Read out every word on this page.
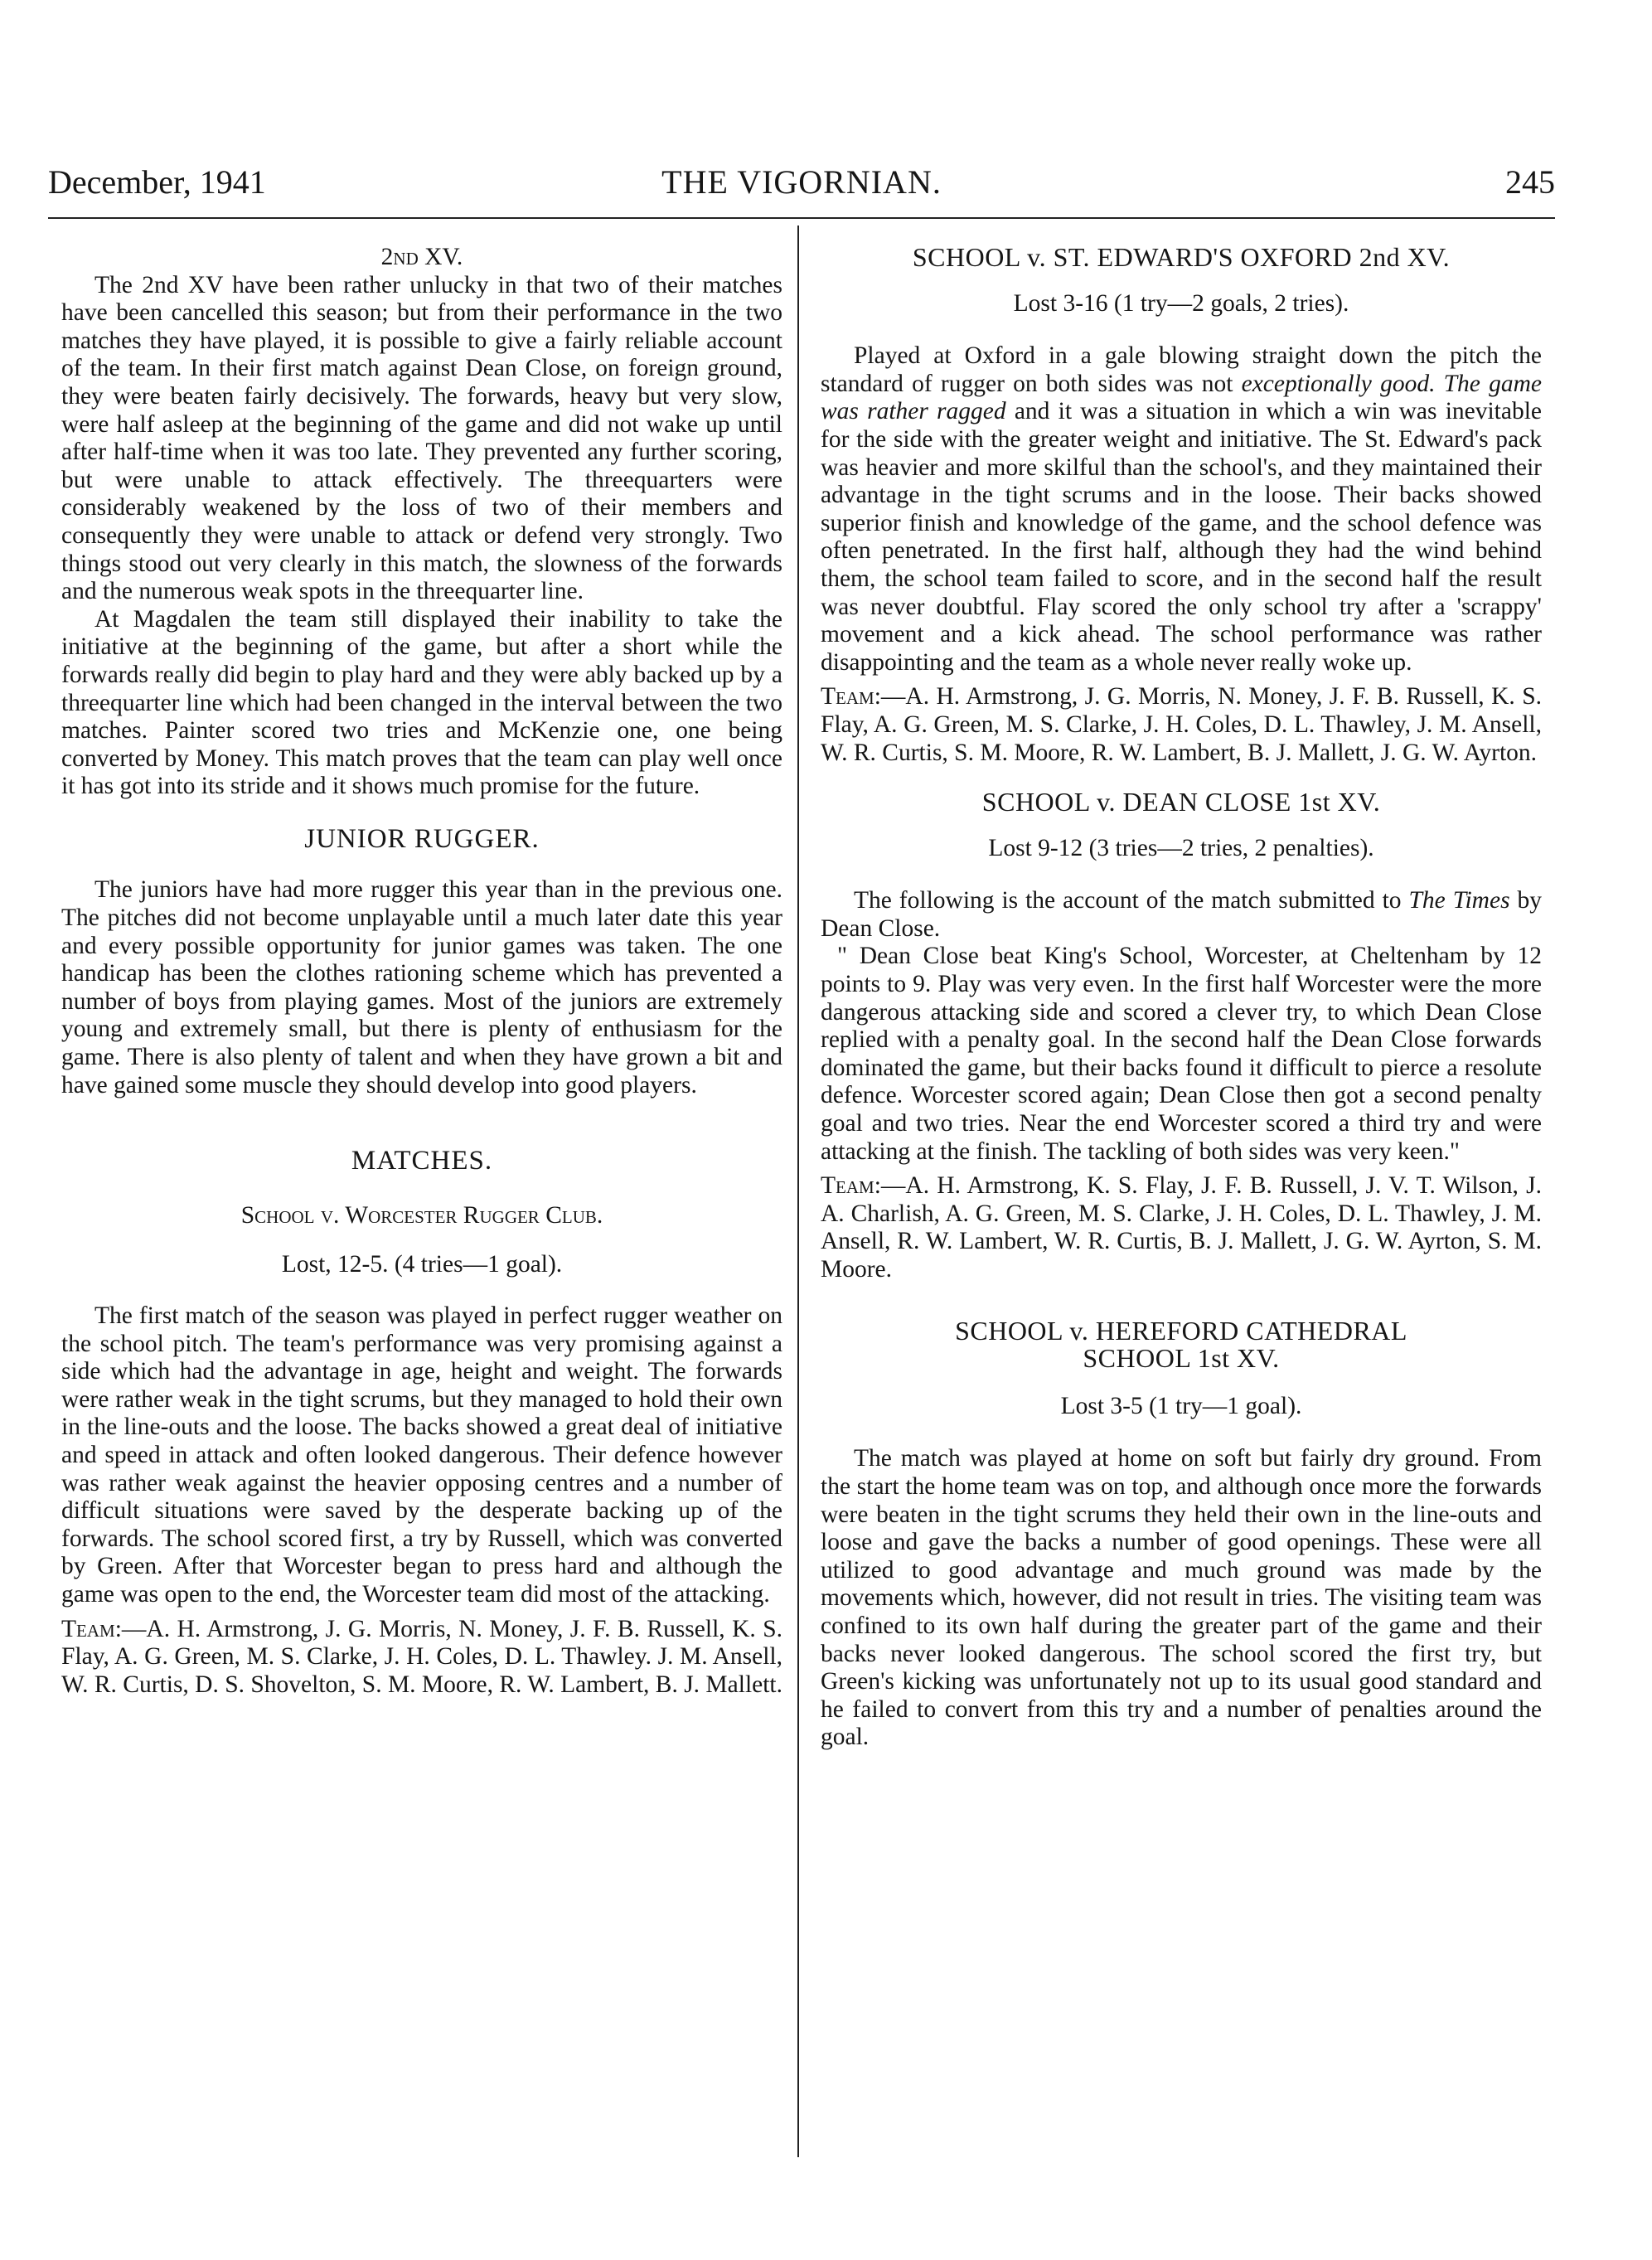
December, 1941	THE VIGORNIAN.	245
2nd XV.

The 2nd XV have been rather unlucky in that two of their matches have been cancelled this season; but from their performance in the two matches they have played, it is possible to give a fairly reliable account of the team. In their first match against Dean Close, on foreign ground, they were beaten fairly decisively. The forwards, heavy but very slow, were half asleep at the beginning of the game and did not wake up until after half-time when it was too late. They prevented any further scoring, but were unable to attack effectively. The threequarters were considerably weakened by the loss of two of their members and consequently they were unable to attack or defend very strongly. Two things stood out very clearly in this match, the slowness of the forwards and the numerous weak spots in the threequarter line.

At Magdalen the team still displayed their inability to take the initiative at the beginning of the game, but after a short while the forwards really did begin to play hard and they were ably backed up by a threequarter line which had been changed in the interval between the two matches. Painter scored two tries and McKenzie one, one being converted by Money. This match proves that the team can play well once it has got into its stride and it shows much promise for the future.

JUNIOR RUGGER.

The juniors have had more rugger this year than in the previous one. The pitches did not become unplayable until a much later date this year and every possible opportunity for junior games was taken. The one handicap has been the clothes rationing scheme which has prevented a number of boys from playing games. Most of the juniors are extremely young and extremely small, but there is plenty of enthusiasm for the game. There is also plenty of talent and when they have grown a bit and have gained some muscle they should develop into good players.

MATCHES.
School v. Worcester Rugger Club.
Lost, 12-5. (4 tries—1 goal).

The first match of the season was played in perfect rugger weather on the school pitch. The team's performance was very promising against a side which had the advantage in age, height and weight. The forwards were rather weak in the tight scrums, but they managed to hold their own in the line-outs and the loose. The backs showed a great deal of initiative and speed in attack and often looked dangerous. Their defence however was rather weak against the heavier opposing centres and a number of difficult situations were saved by the desperate backing up of the forwards. The school scored first, a try by Russell, which was converted by Green. After that Worcester began to press hard and although the game was open to the end, the Worcester team did most of the attacking.

Team:—A. H. Armstrong, J. G. Morris, N. Money, J. F. B. Russell, K. S. Flay, A. G. Green, M. S. Clarke, J. H. Coles, D. L. Thawley. J. M. Ansell, W. R. Curtis, D. S. Shovelton, S. M. Moore, R. W. Lambert, B. J. Mallett.

SCHOOL v. ST. EDWARD'S OXFORD 2nd XV.
Lost 3-16 (1 try—2 goals, 2 tries).

Played at Oxford in a gale blowing straight down the pitch the standard of rugger on both sides was not exceptionally good. The game was rather ragged and it was a situation in which a win was inevitable for the side with the greater weight and initiative. The St. Edward's pack was heavier and more skilful than the school's, and they maintained their advantage in the tight scrums and in the loose. Their backs showed superior finish and knowledge of the game, and the school defence was often penetrated. In the first half, although they had the wind behind them, the school team failed to score, and in the second half the result was never doubtful. Flay scored the only school try after a 'scrappy' movement and a kick ahead. The school performance was rather disappointing and the team as a whole never really woke up.

Team:—A. H. Armstrong, J. G. Morris, N. Money, J. F. B. Russell, K. S. Flay, A. G. Green, M. S. Clarke, J. H. Coles, D. L. Thawley, J. M. Ansell, W. R. Curtis, S. M. Moore, R. W. Lambert, B. J. Mallett, J. G. W. Ayrton.

SCHOOL v. DEAN CLOSE 1st XV.
Lost 9-12 (3 tries—2 tries, 2 penalties).

The following is the account of the match submitted to The Times by Dean Close.

" Dean Close beat King's School, Worcester, at Cheltenham by 12 points to 9. Play was very even. In the first half Worcester were the more dangerous attacking side and scored a clever try, to which Dean Close replied with a penalty goal. In the second half the Dean Close forwards dominated the game, but their backs found it difficult to pierce a resolute defence. Worcester scored again; Dean Close then got a second penalty goal and two tries. Near the end Worcester scored a third try and were attacking at the finish. The tackling of both sides was very keen."

Team:—A. H. Armstrong, K. S. Flay, J. F. B. Russell, J. V. T. Wilson, J. A. Charlish, A. G. Green, M. S. Clarke, J. H. Coles, D. L. Thawley, J. M. Ansell, R. W. Lambert, W. R. Curtis, B. J. Mallett, J. G. W. Ayrton, S. M. Moore.

SCHOOL v. HEREFORD CATHEDRAL
SCHOOL 1st XV.
Lost 3-5 (1 try—1 goal).

The match was played at home on soft but fairly dry ground. From the start the home team was on top, and although once more the forwards were beaten in the tight scrums they held their own in the line-outs and loose and gave the backs a number of good openings. These were all utilized to good advantage and much ground was made by the movements which, however, did not result in tries. The visiting team was confined to its own half during the greater part of the game and their backs never looked dangerous. The school scored the first try, but Green's kicking was unfortunately not up to its usual good standard and he failed to convert from this try and a number of penalties around the goal.
